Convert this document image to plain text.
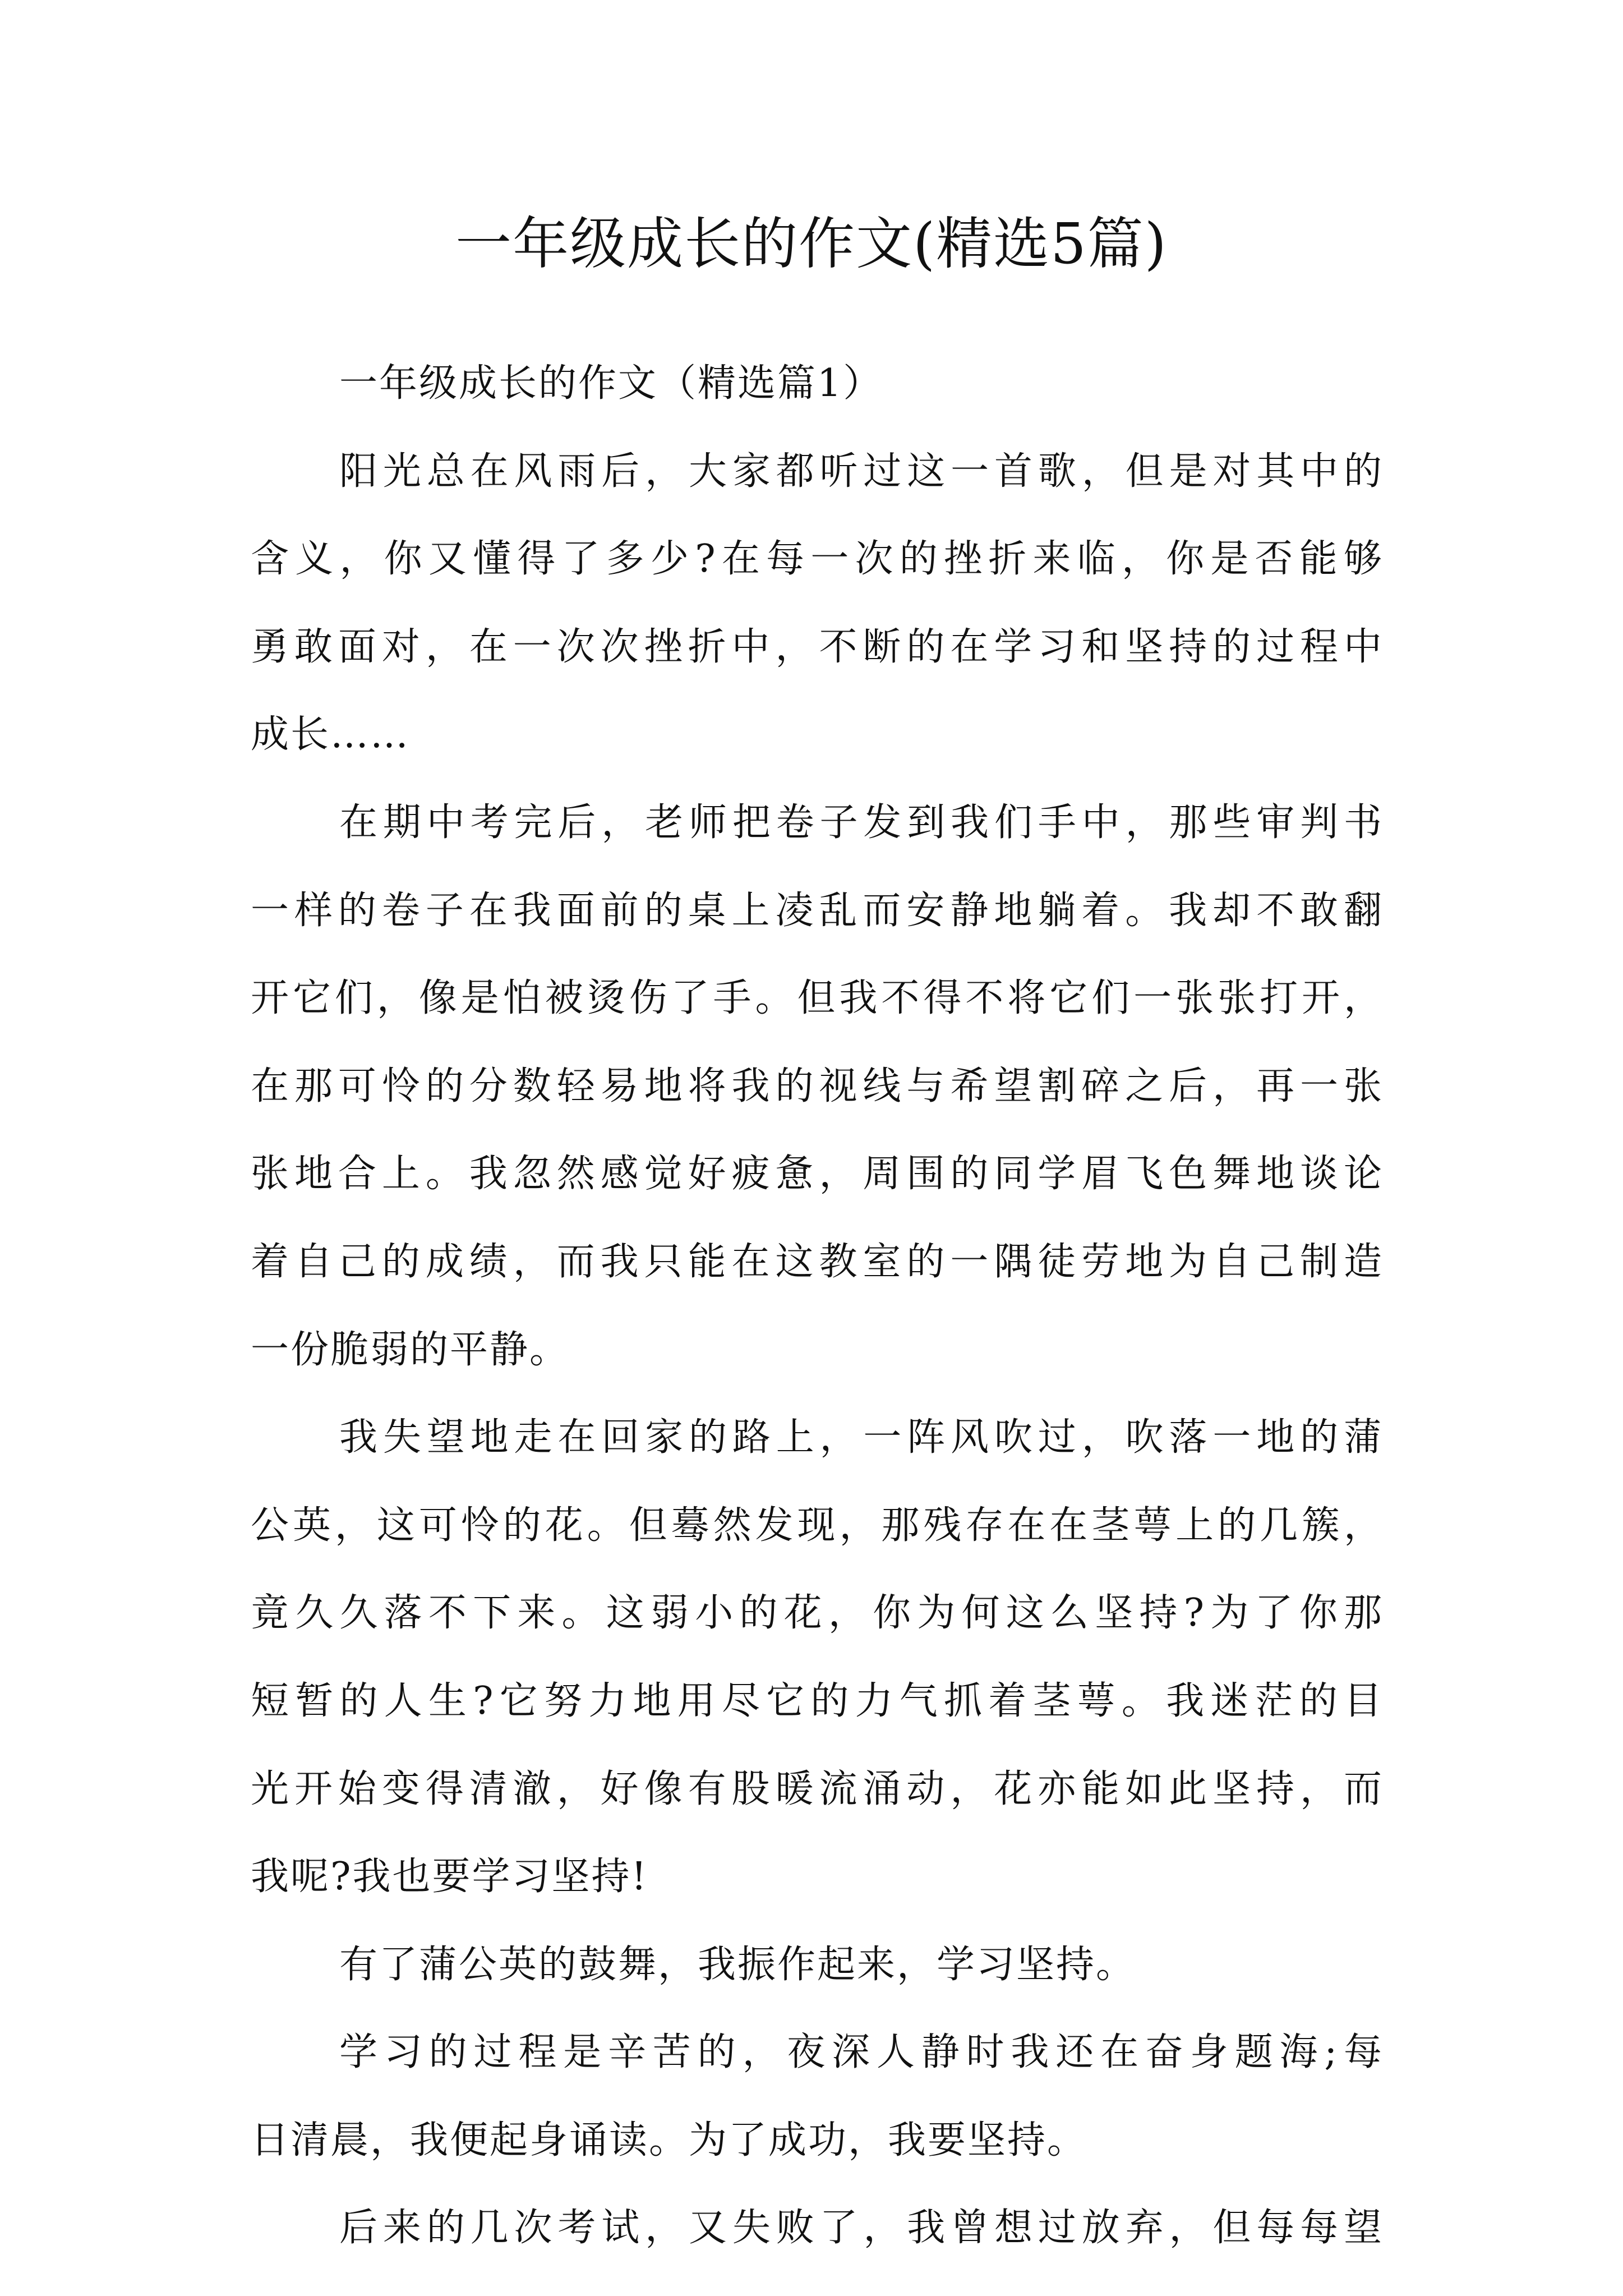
一年级成长的作文(精选5篇)
一年级成长的作文（精选篇1）
阳光总在风雨后，大家都听过这一首歌，但是对其中的
含义，你又懂得了多少?在每一次的挫折来临，你是否能够
勇敢面对，在一次次挫折中，不断的在学习和坚持的过程中
成长……
在期中考完后，老师把卷子发到我们手中，那些审判书
一样的卷子在我面前的桌上凌乱而安静地躺着。我却不敢翻
开它们，像是怕被烫伤了手。但我不得不将它们一张张打开，
在那可怜的分数轻易地将我的视线与希望割碎之后，再一张
张地合上。我忽然感觉好疲惫，周围的同学眉飞色舞地谈论
着自己的成绩，而我只能在这教室的一隅徒劳地为自己制造
一份脆弱的平静。
我失望地走在回家的路上，一阵风吹过，吹落一地的蒲
公英，这可怜的花。但蓦然发现，那残存在在茎萼上的几簇，
竟久久落不下来。这弱小的花，你为何这么坚持?为了你那
短暂的人生?它努力地用尽它的力气抓着茎萼。我迷茫的目
光开始变得清澈，好像有股暖流涌动，花亦能如此坚持，而
我呢?我也要学习坚持!
有了蒲公英的鼓舞，我振作起来，学习坚持。
学习的过程是辛苦的，夜深人静时我还在奋身题海;每
日清晨，我便起身诵读。为了成功，我要坚持。
后来的几次考试，又失败了，我曾想过放弃，但每每望
